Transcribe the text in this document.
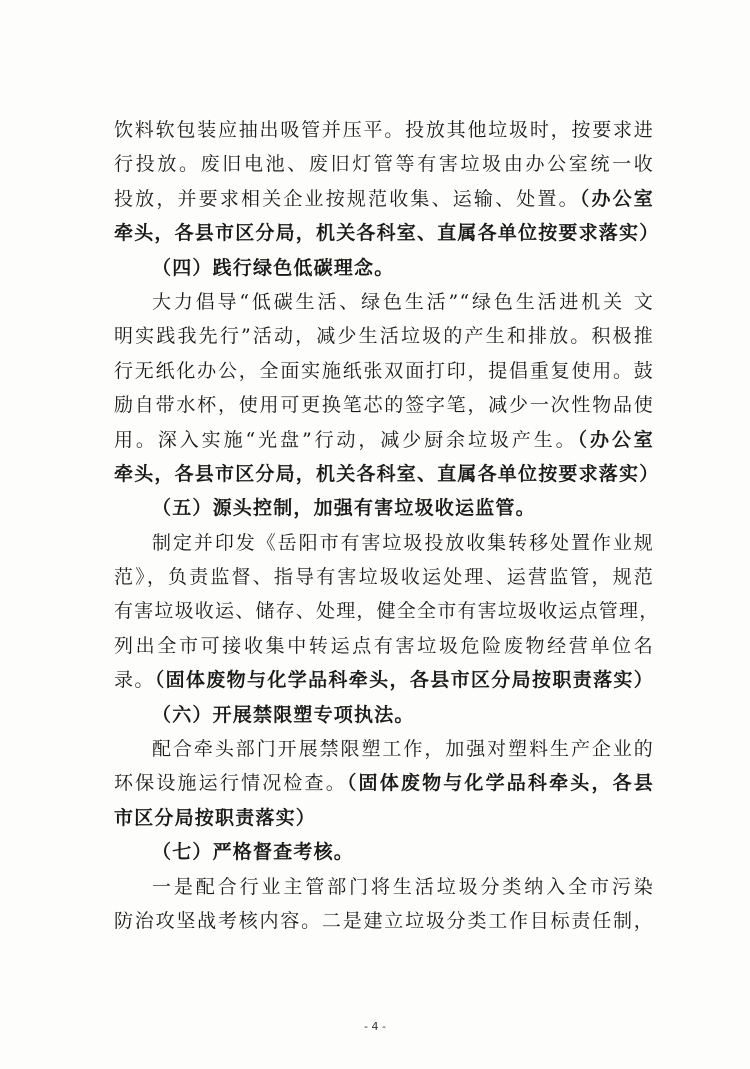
饮料软包装应抽出吸管并压平。投放其他垃圾时，按要求进
行投放。废旧电池、废旧灯管等有害垃圾由办公室统一收
投放，并要求相关企业按规范收集、运输、处置。（办公室
牵头，各县市区分局，机关各科室、直属各单位按要求落实）
（四）践行绿色低碳理念。
大力倡导“低碳生活、绿色生活”“绿色生活进机关 文
明实践我先行”活动，减少生活垃圾的产生和排放。积极推
行无纸化办公，全面实施纸张双面打印，提倡重复使用。鼓
励自带水杯，使用可更换笔芯的签字笔，减少一次性物品使
用。深入实施“光盘”行动，减少厨余垃圾产生。（办公室
牵头，各县市区分局，机关各科室、直属各单位按要求落实）
（五）源头控制，加强有害垃圾收运监管。
制定并印发《岳阳市有害垃圾投放收集转移处置作业规
范》，负责监督、指导有害垃圾收运处理、运营监管，规范
有害垃圾收运、储存、处理，健全全市有害垃圾收运点管理，
列出全市可接收集中转运点有害垃圾危险废物经营单位名
录。（固体废物与化学品科牵头，各县市区分局按职责落实）
（六）开展禁限塑专项执法。
配合牵头部门开展禁限塑工作，加强对塑料生产企业的
环保设施运行情况检查。（固体废物与化学品科牵头，各县
市区分局按职责落实）
（七）严格督查考核。
一是配合行业主管部门将生活垃圾分类纳入全市污染
防治攻坚战考核内容。二是建立垃圾分类工作目标责任制，
- 4 -
